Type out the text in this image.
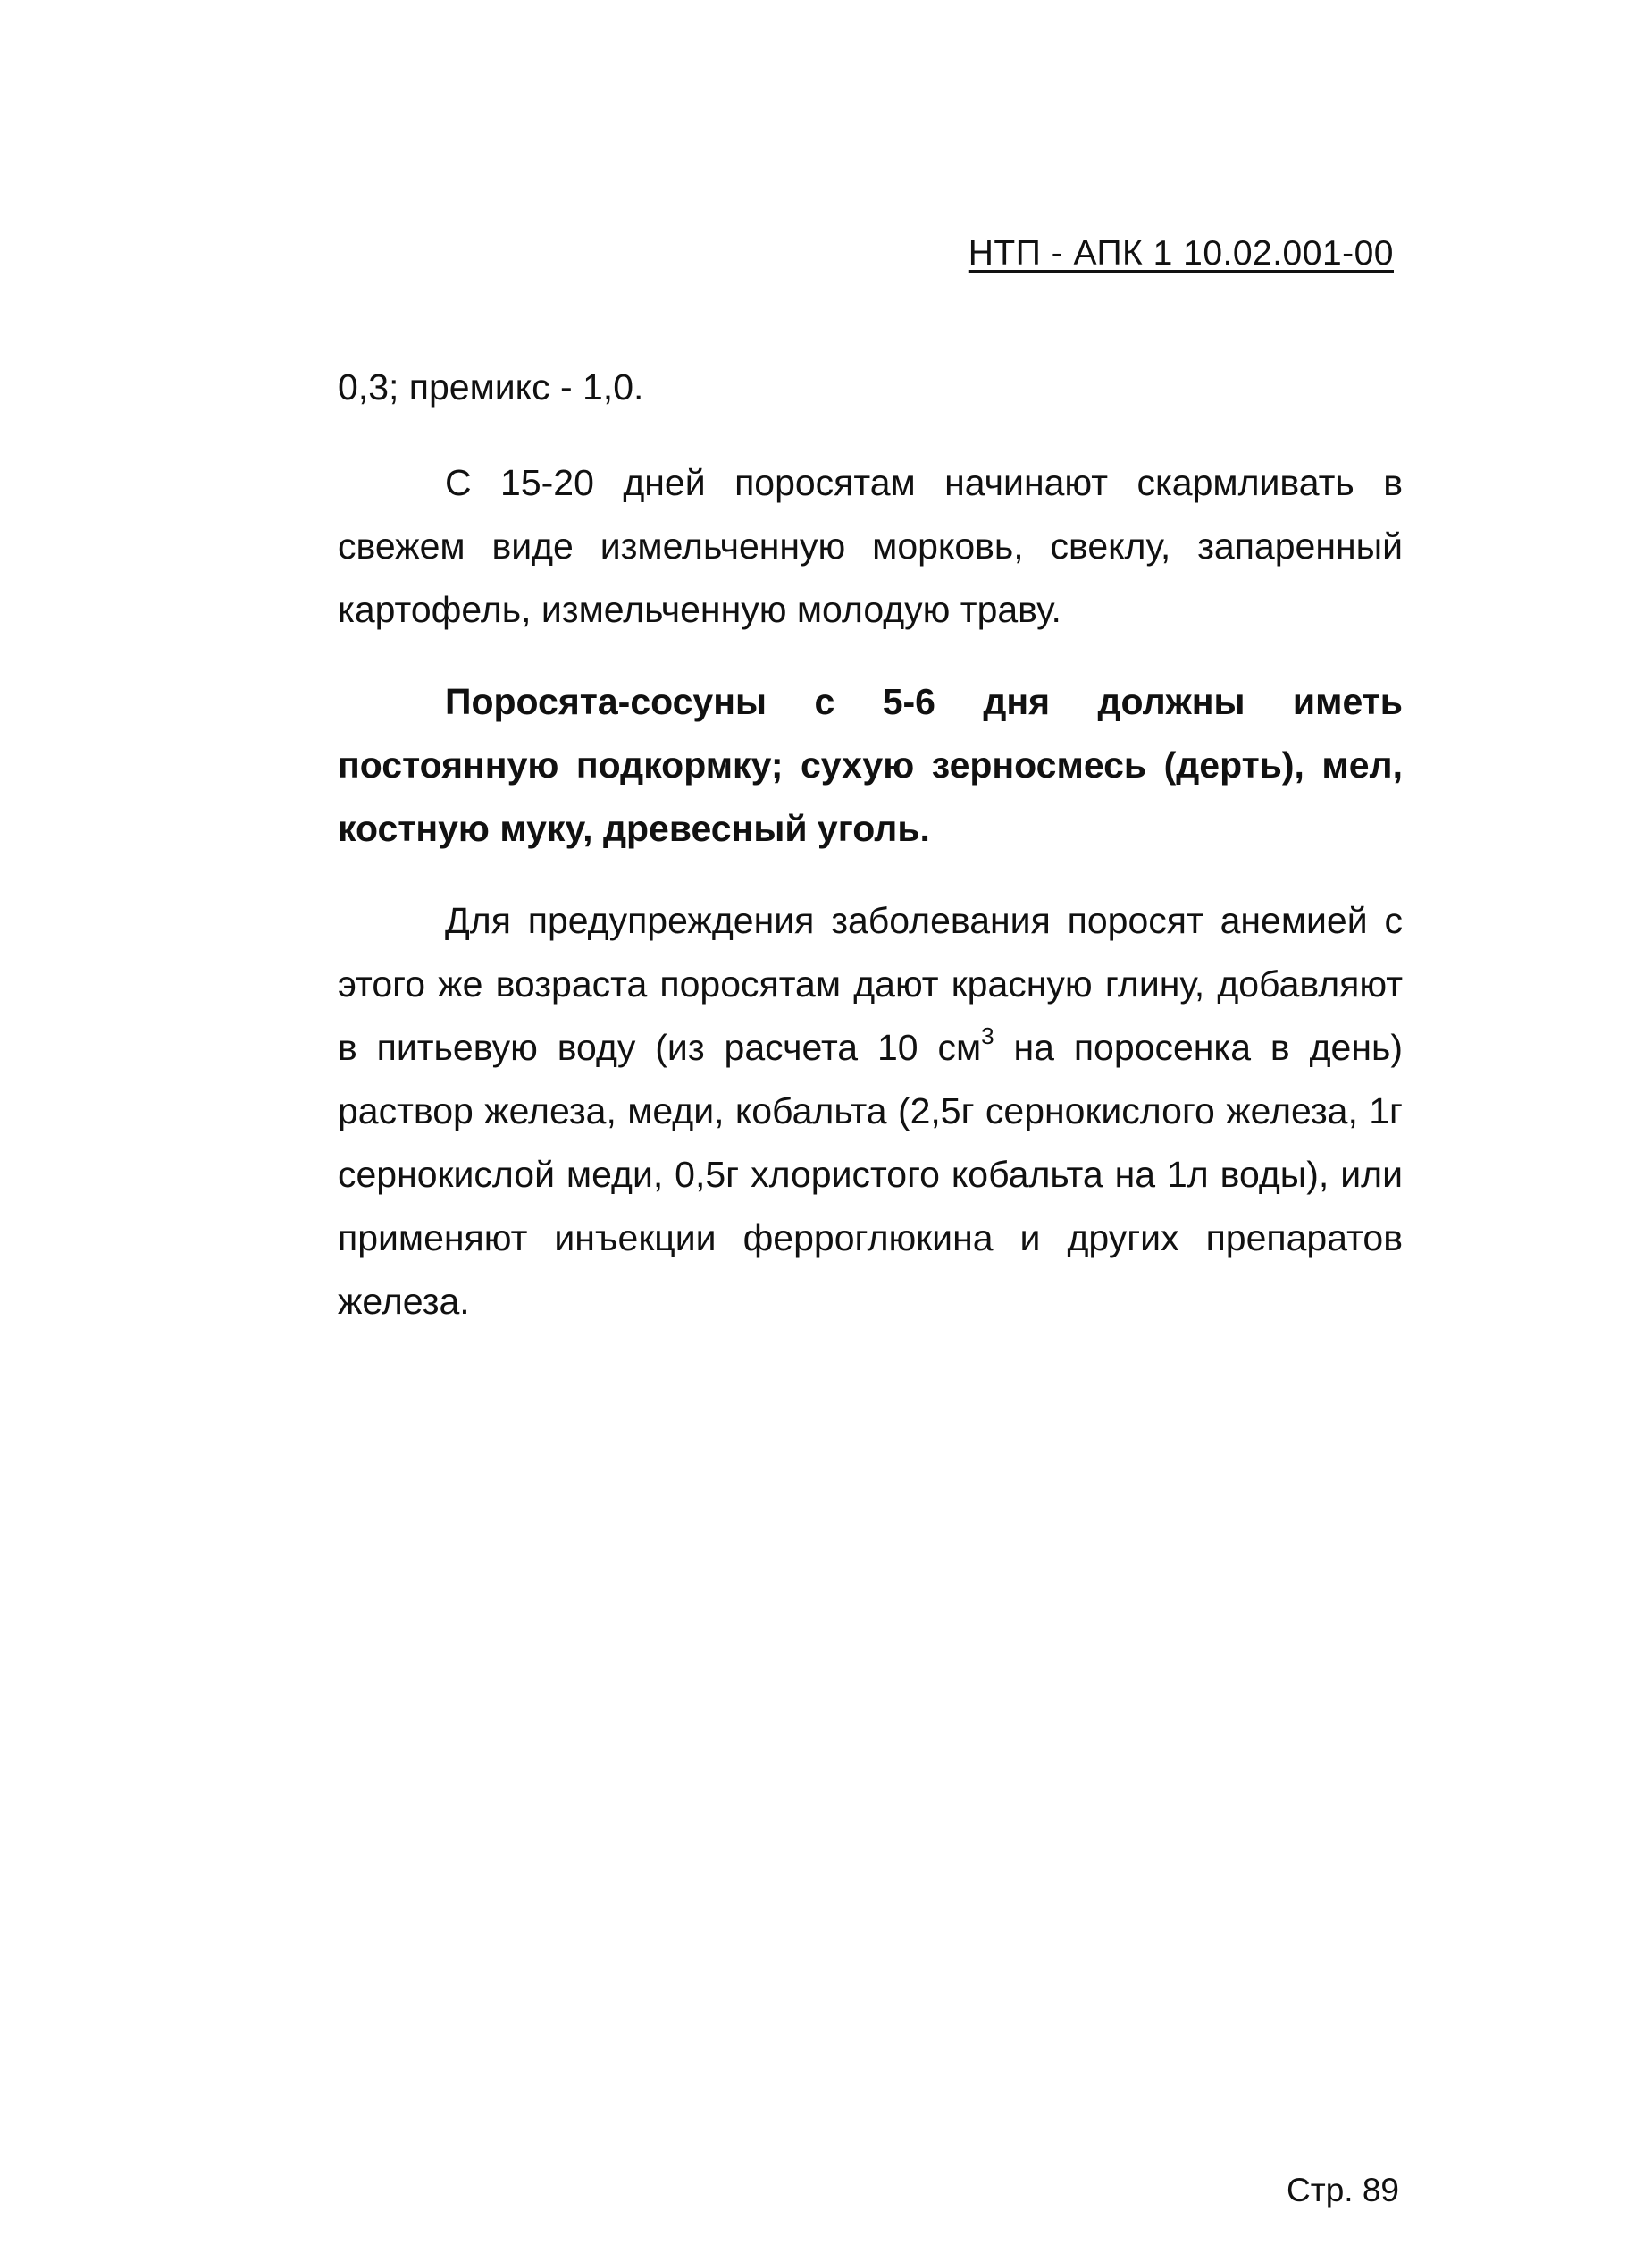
НТП - АПК 1 10.02.001-00

0,3; премикс - 1,0.

С 15-20 дней поросятам начинают скармливать в свежем виде измельченную морковь, свеклу, запаренный картофель, измельченную молодую траву.

Поросята-сосуны с 5-6 дня должны иметь постоянную подкормку; сухую зерносмесь (дерть), мел, костную муку, древесный уголь.

Для предупреждения заболевания поросят анемией с этого же возраста поросятам дают красную глину, добавляют в питьевую воду (из расчета 10 $см^3$ на поросенка в день) раствор железа, меди, кобальта (2,5г сернокислого железа, 1г сернокислой меди, 0,5г хлористого кобальта на 1л воды), или применяют инъекции ферроглюкина и других препаратов железа.

Стр. 89
